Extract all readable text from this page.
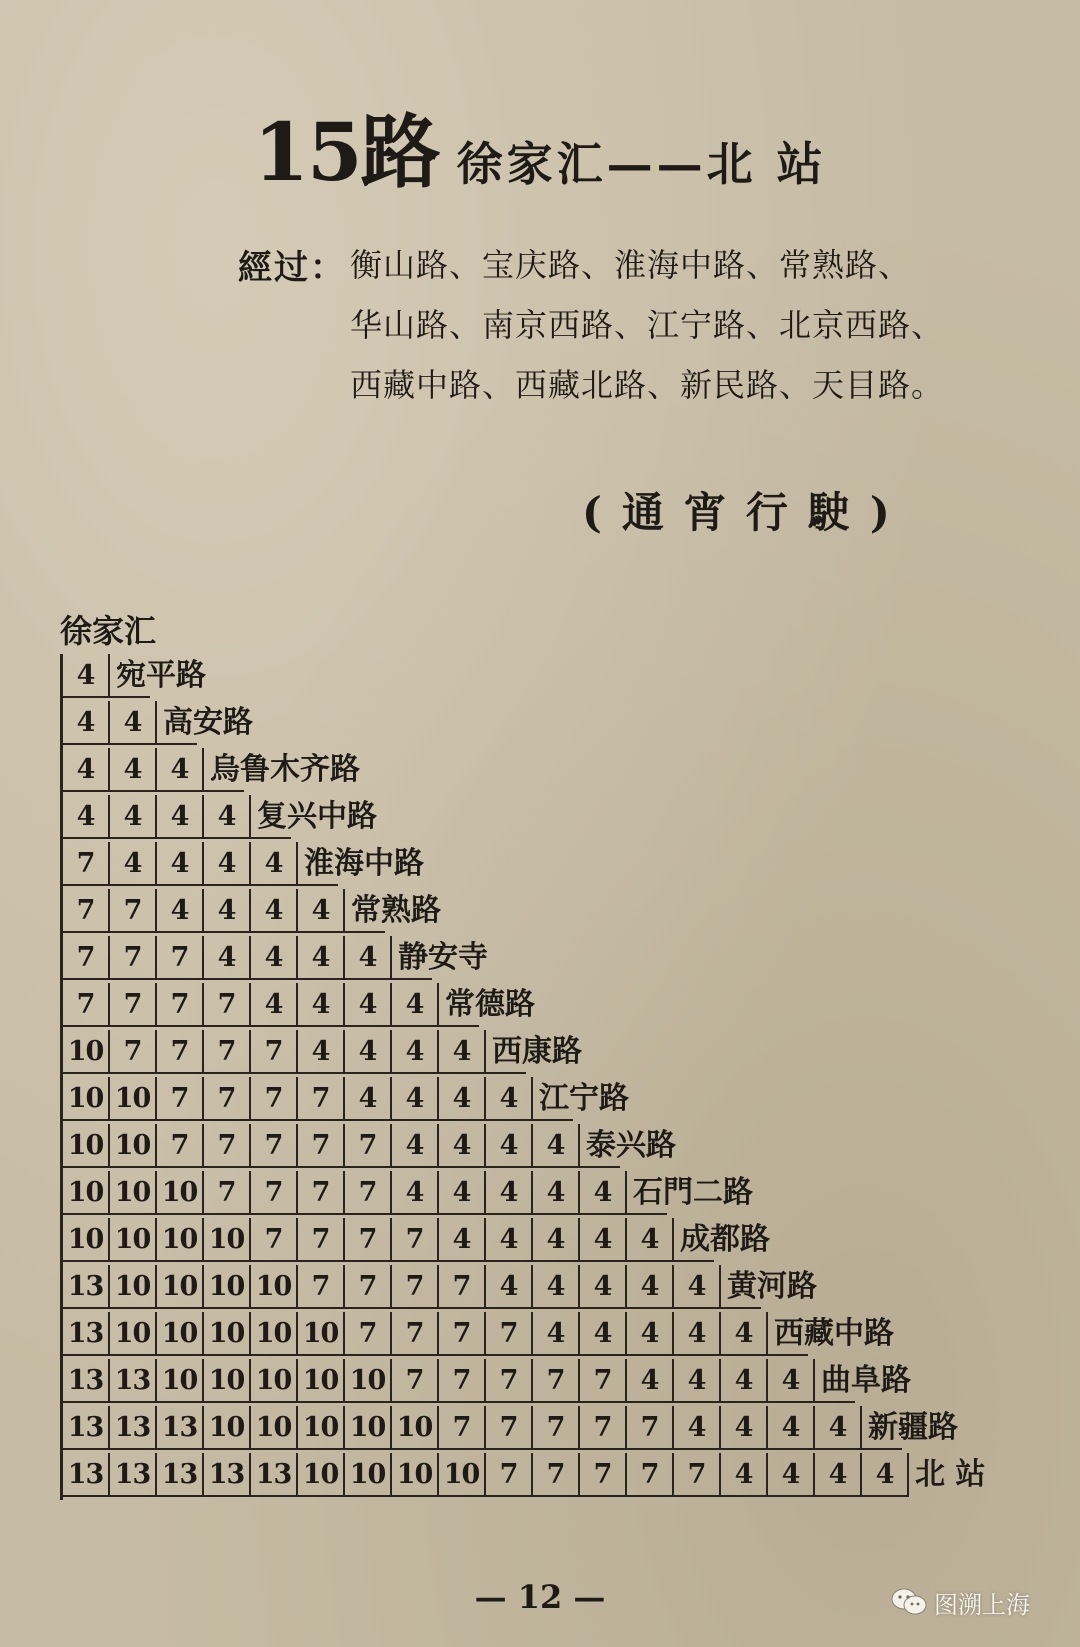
15路 徐家汇——北 站
經过： 衡山路、宝庆路、淮海中路、常熟路、
华山路、南京西路、江宁路、北京西路、
西藏中路、西藏北路、新民路、天目路。
(通宵行駛)
徐家汇
4 宛平路
4	4 高安路
4	4	4 烏鲁木齐路
4	4	4	4 复兴中路
7	4	4	4	4 淮海中路
7	7	4	4	4	4 常熟路
7	7	7	4	4	4	4 静安寺
7	7	7	7	4	4	4	4 常德路
10 7	7	7	7	4	4	4	4 西康路
10 10 7	7	7	7	4	4	4	4 江宁路
10 10 7	7	7	7	7	4	4	4	4 泰兴路
10 10 10 7	7	7	7	4	4	4	4	4 石門二路
10 10 10 10 7	7	7	7	4	4	4	4	4 成都路
13 10 10 10 10 7	7	7	7	4	4	4	4	4 黄河路
13 10 10 10 10 10 7	7	7	7	4	4	4	4	4 西藏中路
13 13 10 10 10 10 10 7	7	7	7	7	4	4	4	4 曲阜路
13 13 13 10 10 10 10 10 7	7	7	7	7	4	4	4	4 新疆路
13 13 13 13 13 10 10 10 10 7	7	7	7	7	4	4	4	4 北 站
— 12 —	图溯上海
